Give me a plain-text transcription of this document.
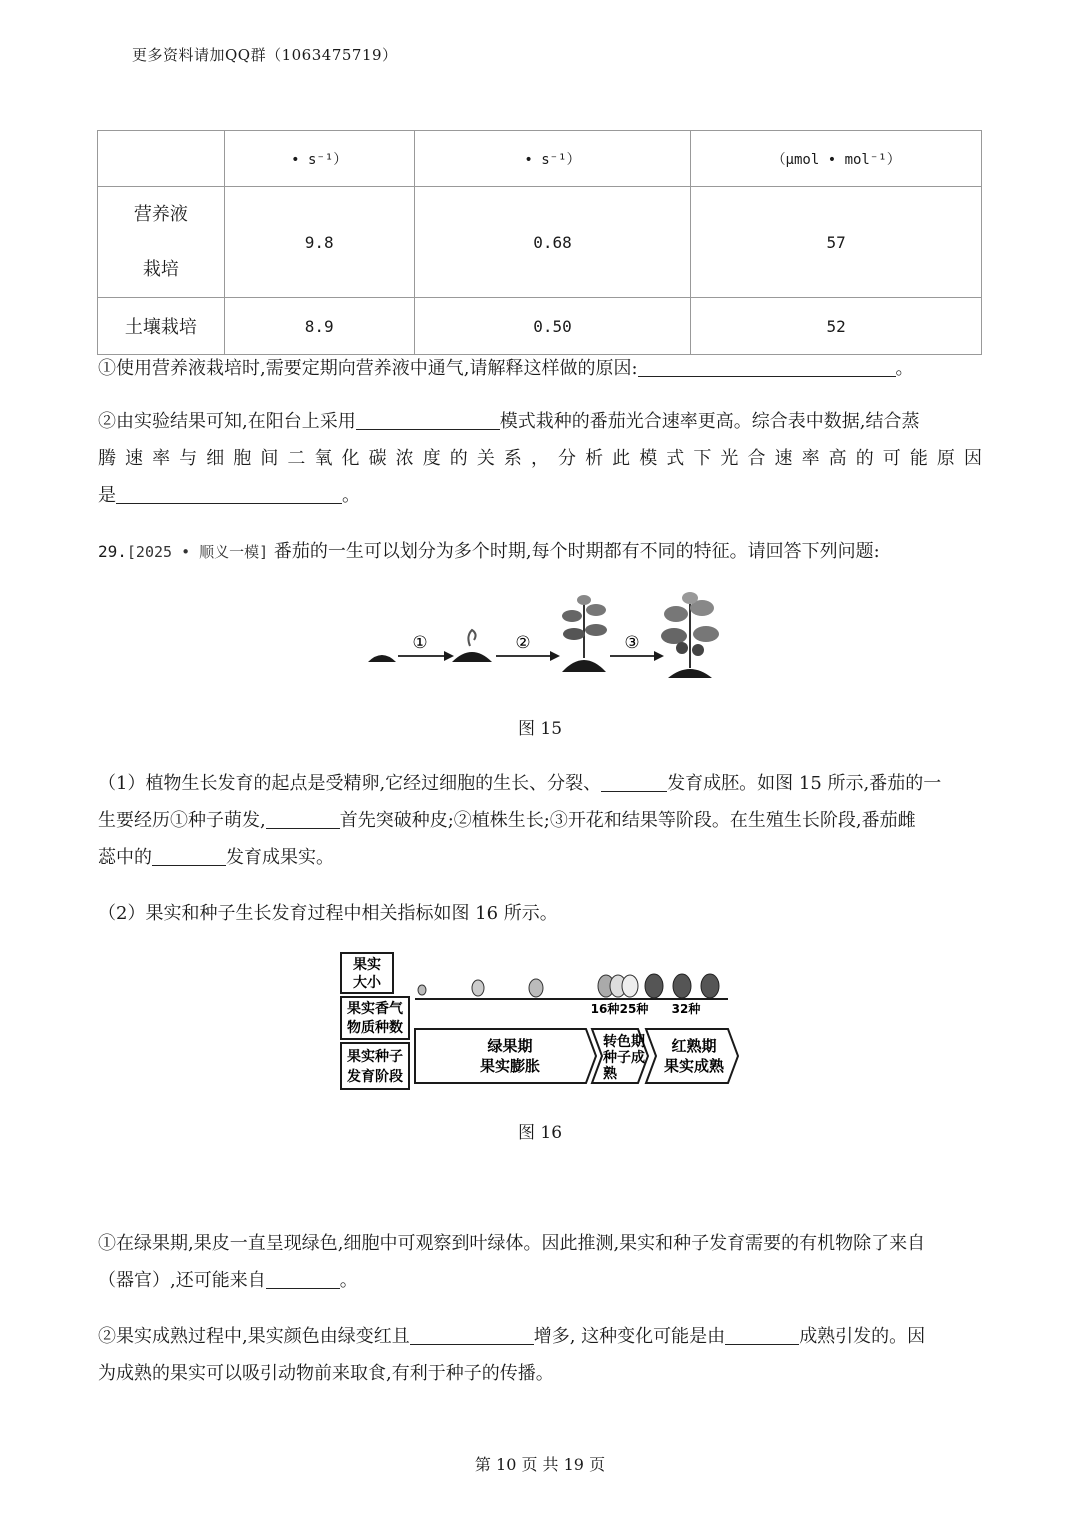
更多资料请加QQ群（1063475719）
	• s⁻¹）	• s⁻¹）	（μmol • mol⁻¹）
营养液
栽培	9.8	0.68	57
土壤栽培	8.9	0.50	52
①使用营养液栽培时,需要定期向营养液中通气,请解释这样做的原因:	。
②由实验结果可知,在阳台上采用	模式栽种的番茄光合速率更高。综合表中数据,结合蒸
腾速率与细胞间二氧化碳浓度的关系，分析此模式下光合速率高的可能原因
是	。
29.[2025 • 顺义一模] 番茄的一生可以划分为多个时期,每个时期都有不同的特征。请回答下列问题:
①	②	③
图 15
（1）植物生长发育的起点是受精卵,它经过细胞的生长、分裂、	发育成胚。如图 15 所示,番茄的一
生要经历①种子萌发,	首先突破种皮;②植株生长;③开花和结果等阶段。在生殖生长阶段,番茄雌
蕊中的	发育成果实。
（2）果实和种子生长发育过程中相关指标如图 16 所示。
果实
大小
果实香气
物质种数
果实种子
发育阶段
16种 25种 32种
绿果期
果实膨胀
转色期
种子成
熟
红熟期
果实成熟
图 16
①在绿果期,果皮一直呈现绿色,细胞中可观察到叶绿体。因此推测,果实和种子发育需要的有机物除了来自
（器官）,还可能来自	。
②果实成熟过程中,果实颜色由绿变红且	增多, 这种变化可能是由	成熟引发的。因
为成熟的果实可以吸引动物前来取食,有利于种子的传播。
第 10 页 共 19 页
